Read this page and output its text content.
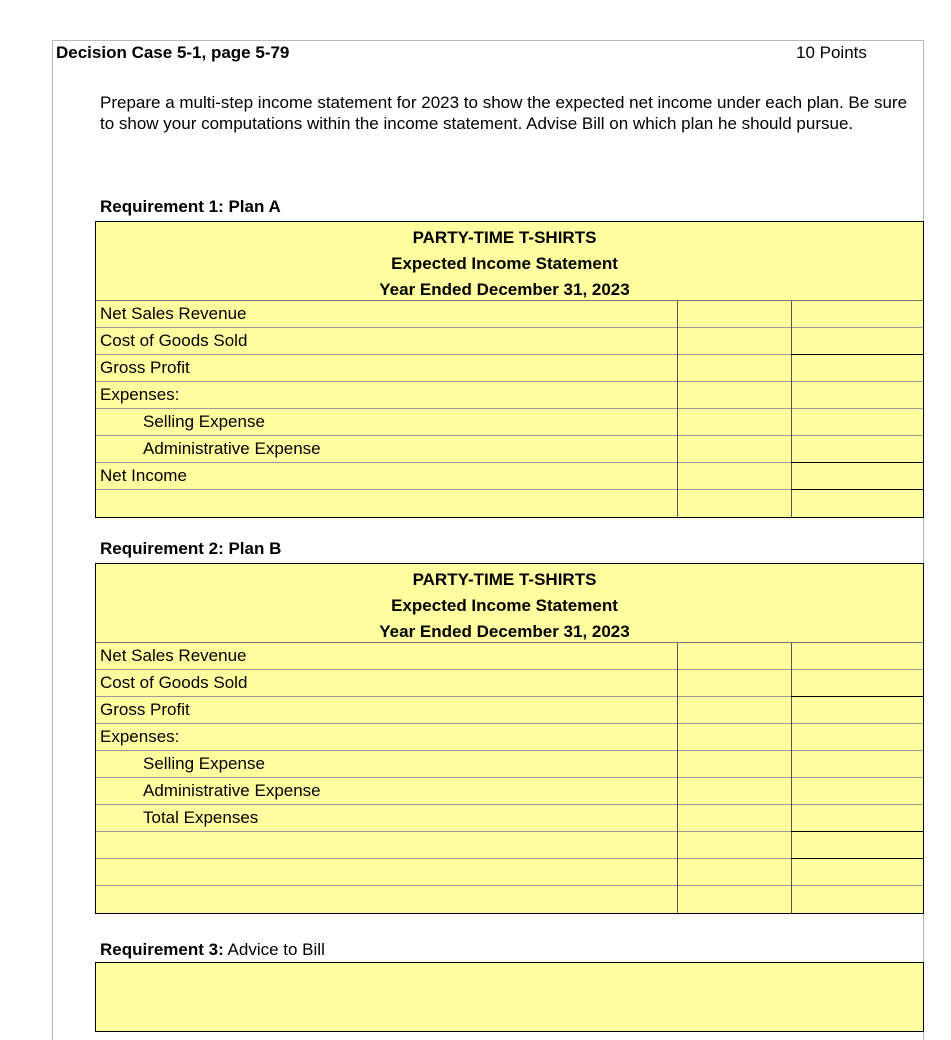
Decision Case 5-1, page 5-79	10 Points
Prepare a multi-step income statement for 2023 to show the expected net income under each plan. Be sure to show your computations within the income statement. Advise Bill on which plan he should pursue.
Requirement 1: Plan A
PARTY-TIME T-SHIRTS
Expected Income Statement
Year Ended December 31, 2023
Net Sales Revenue
Cost of Goods Sold
Gross Profit
Expenses:
Selling Expense
Administrative Expense
Net Income
Requirement 2: Plan B
PARTY-TIME T-SHIRTS
Expected Income Statement
Year Ended December 31, 2023
Net Sales Revenue
Cost of Goods Sold
Gross Profit
Expenses:
Selling Expense
Administrative Expense
Total Expenses
Requirement 3: Advice to Bill
